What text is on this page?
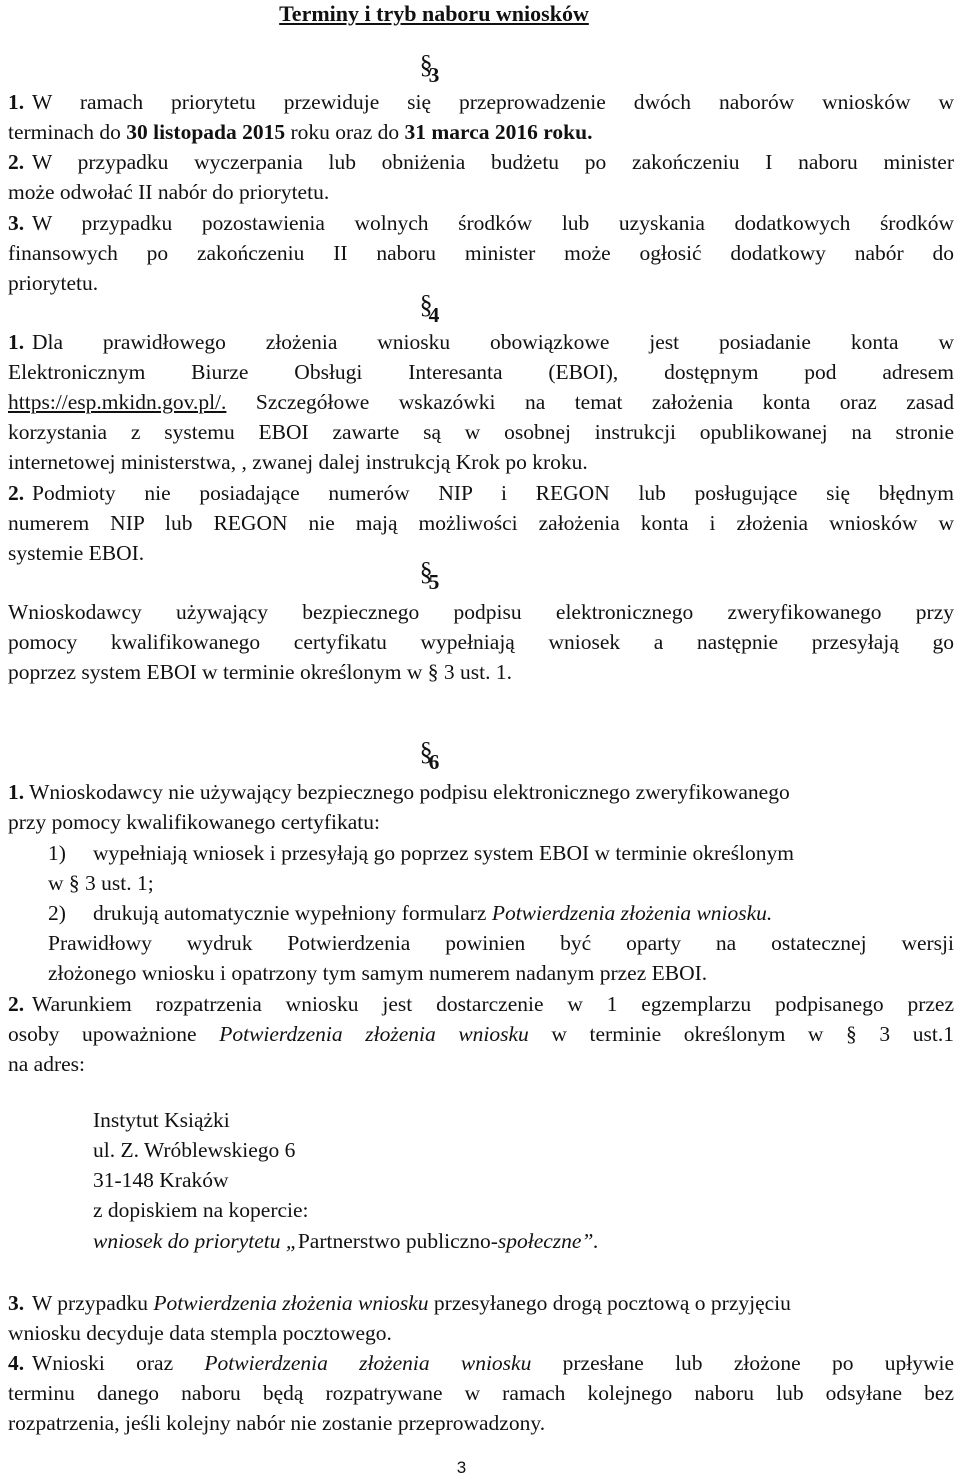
Terminy i tryb naboru wniosków
§ 3
1. W ramach priorytetu przewiduje się przeprowadzenie dwóch naborów wniosków w
terminach do 30 listopada 2015 roku oraz do 31 marca 2016 roku.
2. W przypadku wyczerpania lub obniżenia budżetu po zakończeniu I naboru minister
może odwołać II nabór do priorytetu.
3. W przypadku pozostawienia wolnych środków lub uzyskania dodatkowych środków
finansowych po zakończeniu II naboru minister może ogłosić dodatkowy nabór do
priorytetu.
§ 4
1. Dla prawidłowego złożenia wniosku obowiązkowe jest posiadanie konta w
Elektronicznym Biurze Obsługi Interesanta (EBOI), dostępnym pod adresem
https://esp.mkidn.gov.pl/. Szczegółowe wskazówki na temat założenia konta oraz zasad
korzystania z systemu EBOI zawarte są w osobnej instrukcji opublikowanej na stronie
internetowej ministerstwa, , zwanej dalej instrukcją Krok po kroku.
2. Podmioty nie posiadające numerów NIP i REGON lub posługujące się błędnym
numerem NIP lub REGON nie mają możliwości założenia konta i złożenia wniosków w
systemie EBOI.
§ 5
Wnioskodawcy używający bezpiecznego podpisu elektronicznego zweryfikowanego przy
pomocy kwalifikowanego certyfikatu wypełniają wniosek a następnie przesyłają go
poprzez system EBOI w terminie określonym w § 3 ust. 1.
§ 6
1. Wnioskodawcy nie używający bezpiecznego podpisu elektronicznego zweryfikowanego
przy pomocy kwalifikowanego certyfikatu:
1) wypełniają wniosek i przesyłają go poprzez system EBOI w terminie określonym
w § 3 ust. 1;
2) drukują automatycznie wypełniony formularz Potwierdzenia złożenia wniosku.
Prawidłowy wydruk Potwierdzenia powinien być oparty na ostatecznej wersji
złożonego wniosku i opatrzony tym samym numerem nadanym przez EBOI.
2. Warunkiem rozpatrzenia wniosku jest dostarczenie w 1 egzemplarzu podpisanego przez
osoby upoważnione Potwierdzenia złożenia wniosku w terminie określonym w § 3 ust.1
na adres:
Instytut Książki
ul. Z. Wróblewskiego 6
31-148 Kraków
z dopiskiem na kopercie:
wniosek do priorytetu „Partnerstwo publiczno-społeczne”.
3. W przypadku Potwierdzenia złożenia wniosku przesyłanego drogą pocztową o przyjęciu
wniosku decyduje data stempla pocztowego.
4. Wnioski oraz Potwierdzenia złożenia wniosku przesłane lub złożone po upływie
terminu danego naboru będą rozpatrywane w ramach kolejnego naboru lub odsyłane bez
rozpatrzenia, jeśli kolejny nabór nie zostanie przeprowadzony.
3
